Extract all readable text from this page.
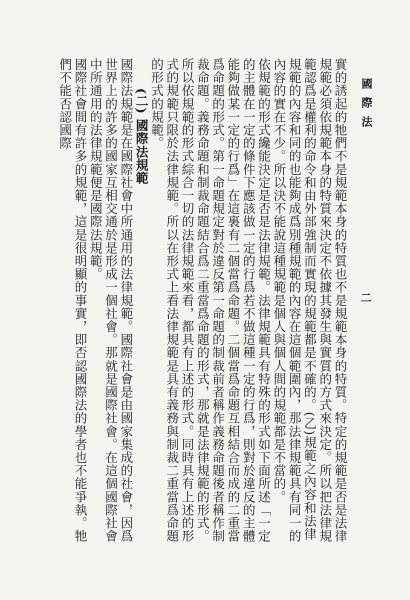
國際法
二

實的誘起的牠們不是規範本身的特質也不是規範本身的特質。特定的規範是否是法律規範必須依規範本身的特質來決定不依據其發生與實質的方式來決定。所以把法律規範認爲是權利的命令和由外部強制而實現的規範都是不確的。(乙)規範之內容和法律規範的內容和同的也能夠成爲別種規範的內容在這個範圍內，那法律規範具有同一的內容的實在不少。所以決不能說這種規範是個人與個人間的規範都是不當的。

依規範的形式纔能決定是否是法律規範。法律規範具有特殊的形式如下面所述「一定的主體在一定的條件下應該做一定的行爲若不做這種一定的行爲，則對於違反的主體能夠做某一定的行爲」在這裏有二個當爲命題。二個當爲命題互相結合而成的二重當爲命題的形式。第一命題規定對於違反第一命題的制裁前者稱作義務命題後者稱作制裁命題。義務命題和制裁命題結合爲二重當爲命題的形式，那就是法律規範的形式。

所以依規範的形式綜合一切的法律規範來看，都具有上述的形式。同時具有上述的形式的規範只限於法律規範。所以在形式上看法律規範是具有義務與制裁二重當爲命題的形式的規範。

(二) 國際法規範

國際法規範是在國際社會中所通用的法律規範。國際社會是由國家集成的社會，因爲世界上的許多的國家互相交通於是形成一個社會。那就是國際社會。在這個國際社會中所通用的法律規範便是國際法規範。

國際社會間有許多的規範，這是很明顯的事實，即否認國際法的學者也不能爭執。牠們不能否認國際
